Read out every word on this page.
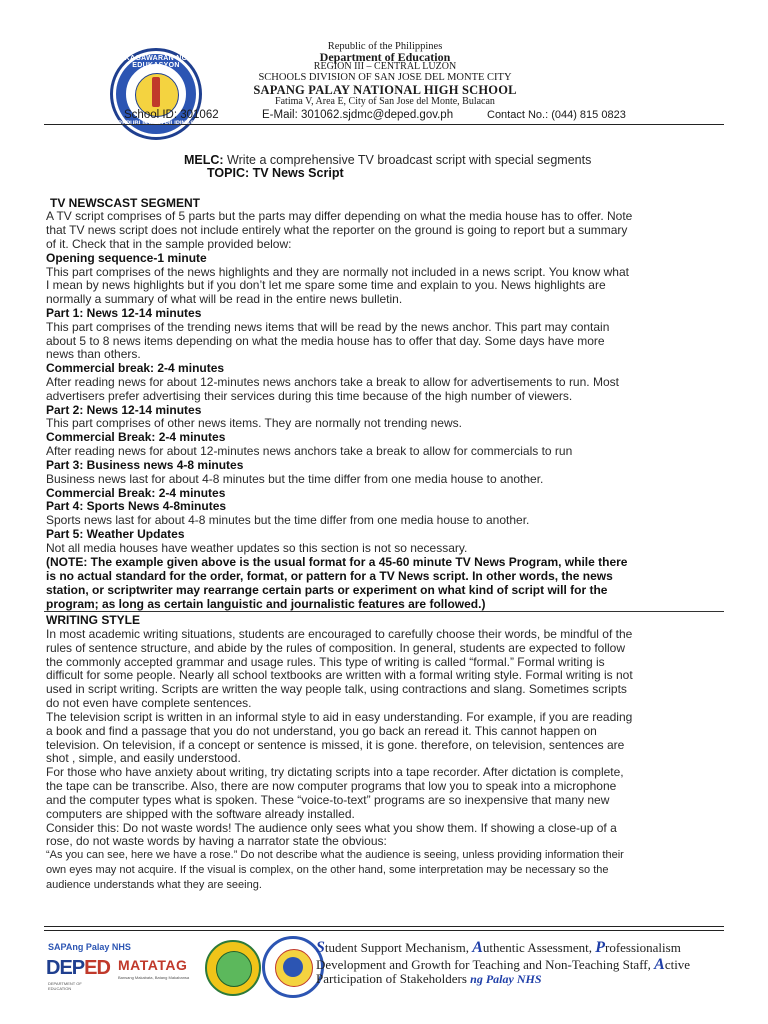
KAGAWARAN NG EDUKASYON
REPUBLIKA NG PILIPINAS
Republic of the Philippines
Department of Education
REGION III – CENTRAL LUZON
SCHOOLS DIVISION OF SAN JOSE DEL MONTE CITY
SAPANG PALAY NATIONAL HIGH SCHOOL
Fatima V, Area E, City of San Jose del Monte, Bulacan
School ID: 301062	E-Mail: 301062.sjdmc@deped.gov.ph	Contact No.: (044) 815 0823
MELC: Write a comprehensive TV broadcast script with special segments
TOPIC: TV News Script
TV NEWSCAST SEGMENT
A TV script comprises of 5 parts but the parts may differ depending on what the media house has to offer. Note
that TV news script does not include entirely what the reporter on the ground is going to report but a summary
of it. Check that in the sample provided below:
Opening sequence-1 minute
This part comprises of the news highlights and they are normally not included in a news script. You know what
I mean by news highlights but if you don’t let me spare some time and explain to you. News highlights are
normally a summary of what will be read in the entire news bulletin.
Part 1: News 12-14 minutes
This part comprises of the trending news items that will be read by the news anchor. This part may contain
about 5 to 8 news items depending on what the media house has to offer that day. Some days have more
news than others.
Commercial break: 2-4 minutes
After reading news for about 12-minutes news anchors take a break to allow for advertisements to run. Most
advertisers prefer advertising their services during this time because of the high number of viewers.
Part 2: News 12-14 minutes
This part comprises of other news items. They are normally not trending news.
Commercial Break: 2-4 minutes
After reading news for about 12-minutes news anchors take a break to allow for commercials to run
Part 3: Business news 4-8 minutes
Business news last for about 4-8 minutes but the time differ from one media house to another.
Commercial Break: 2-4 minutes
Part 4: Sports News 4-8minutes
Sports news last for about 4-8 minutes but the time differ from one media house to another.
Part 5: Weather Updates
Not all media houses have weather updates so this section is not so necessary.
(NOTE: The example given above is the usual format for a 45-60 minute TV News Program, while there
is no actual standard for the order, format, or pattern for a TV News script. In other words, the news
station, or scriptwriter may rearrange certain parts or experiment on what kind of script will for the
program; as long as certain languistic and journalistic features are followed.)
WRITING STYLE
In most academic writing situations, students are encouraged to carefully choose their words, be mindful of the
rules of sentence structure, and abide by the rules of composition. In general, students are expected to follow
the commonly accepted grammar and usage rules. This type of writing is called “formal.” Formal writing is
difficult for some people. Nearly all school textbooks are written with a formal writing style. Formal writing is not
used in script writing. Scripts are written the way people talk, using contractions and slang. Sometimes scripts
do not even have complete sentences.
The television script is written in an informal style to aid in easy understanding. For example, if you are reading
a book and find a passage that you do not understand, you go back an reread it. This cannot happen on
television. On television, if a concept or sentence is missed, it is gone. therefore, on television, sentences are
shot , simple, and easily understood.
For those who have anxiety about writing, try dictating scripts into a tape recorder. After dictation is complete,
the tape can be transcribe. Also, there are now computer programs that low you to speak into a microphone
and the computer types what is spoken. These “voice-to-text” programs are so inexpensive that many new
computers are shipped with the software already installed.
Consider this: Do not waste words! The audience only sees what you show them. If showing a close-up of a
rose, do not waste words by having a narrator state the obvious:
“As you can see, here we have a rose.” Do not describe what the audience is seeing, unless providing information their
own eyes may not acquire. If the visual is complex, on the other hand, some interpretation may be necessary so the
audience understands what they are seeing.
SAPAng Palay NHS
DEPED
DEPARTMENT OF EDUCATION
MATATAG
Bansang Makabata, Batang Makabansa
Student Support Mechanism, Authentic Assessment, Professionalism
Development and Growth for Teaching and Non-Teaching Staff, Active
Participation of Stakeholders ng Palay NHS
